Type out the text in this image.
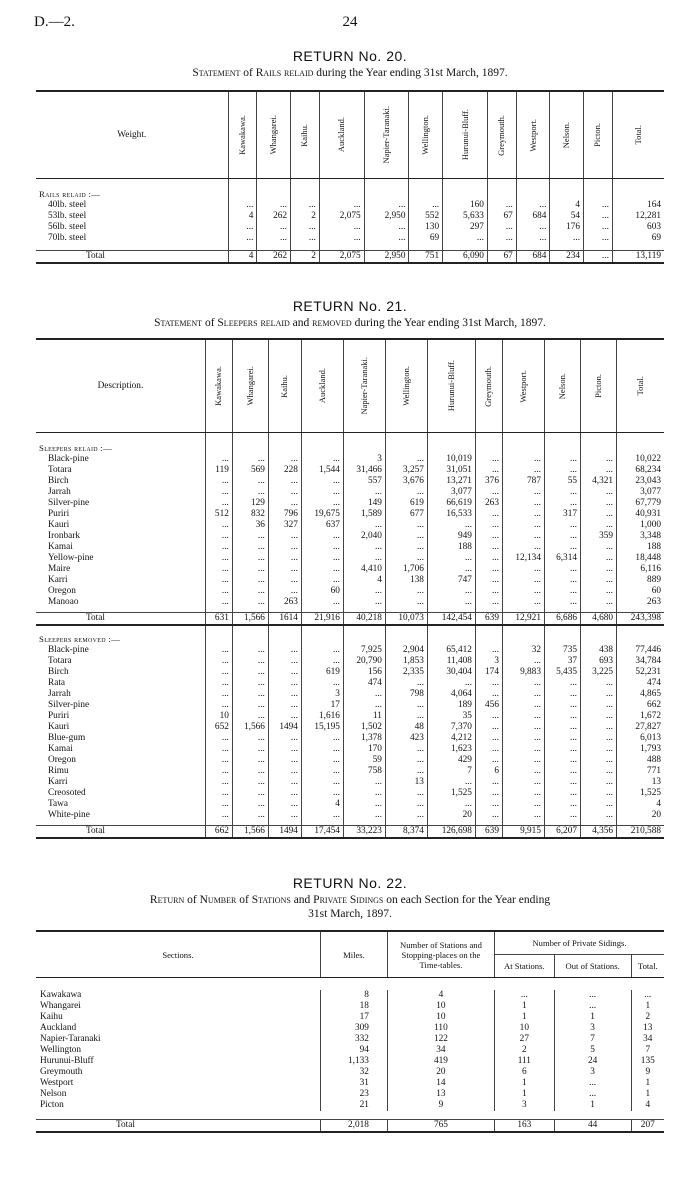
D.—2.	24
RETURN No. 20.
Statement of Rails relaid during the Year ending 31st March, 1897.
Weight.		Kawakawa.	Whangarei.	Kaihu.	Auckland.	Napier-Taranaki.	Wellington.	Hurunui-Bluff.	Greymouth.	Westport.	Nelson.	Picton.	Total.

Rails relaid :—													
40lb. steel		...	...	...	...	...	...	160	...	...	4	...	164
53lb. steel		4	262	2	2,075	2,950	552	5,633	67	684	54	...	12,281
56lb. steel		...	...	...	...	...	130	297	...	...	176	...	603
70lb. steel		...	...	...	...	...	69	...	...	...	...	...	69

Total		4	262	2	2,075	2,950	751	6,090	67	684	234	...	13,119
RETURN No. 21.
Statement of Sleepers relaid and removed during the Year ending 31st March, 1897.
Description.		Kawakawa.	Whangarei.	Kaihu.	Auckland.	Napier-Taranaki.	Wellington.	Hurunui-Bluff.	Greymouth.	Westport.	Nelson.	Picton.	Total.

Sleepers relaid :—													
Black-pine		...	...	...	...	3	...	10,019	...	...	...	...	10,022
Totara		119	569	228	1,544	31,466	3,257	31,051	...	...	...	...	68,234
Birch		...	...	...	...	557	3,676	13,271	376	787	55	4,321	23,043
Jarrah		...	...	...	...	...	...	3,077	...	...	...	...	3,077
Silver-pine		...	129	...	...	149	619	66,619	263	...	...	...	67,779
Puriri		512	832	796	19,675	1,589	677	16,533	...	...	317	...	40,931
Kauri		...	36	327	637	...	...	...	...	...	...	...	1,000
Ironbark		...	...	...	...	2,040	...	949	...	...	...	359	3,348
Kamai		...	...	...	...	...	...	188	...	...	...	...	188
Yellow-pine		...	...	...	...	...	...	...	...	12,134	6,314	...	18,448
Maire		...	...	...	...	4,410	1,706	...	...	...	...	...	6,116
Karri		...	...	...	...	4	138	747	...	...	...	...	889
Oregon		...	...	...	60	...	...	...	...	...	...	...	60
Manoao		...	...	263	...	...	...	...	...	...	...	...	263

Total		631	1,566	1614	21,916	40,218	10,073	142,454	639	12,921	6,686	4,680	243,398

Sleepers removed :—													
Black-pine		...	...	...	...	7,925	2,904	65,412	...	32	735	438	77,446
Totara		...	...	...	...	20,790	1,853	11,408	3	...	37	693	34,784
Birch		...	...	...	619	156	2,335	30,404	174	9,883	5,435	3,225	52,231
Rata		...	...	...	...	474	...	...	...	...	...	...	474
Jarrah		...	...	...	3	...	798	4,064	...	...	...	...	4,865
Silver-pine		...	...	...	17	...	...	189	456	...	...	...	662
Puriri		10	...	...	1,616	11	...	35	...	...	...	...	1,672
Kauri		652	1,566	1494	15,195	1,502	48	7,370	...	...	...	...	27,827
Blue-gum		...	...	...	...	1,378	423	4,212	...	...	...	...	6,013
Kamai		...	...	...	...	170	...	1,623	...	...	...	...	1,793
Oregon		...	...	...	...	59	...	429	...	...	...	...	488
Rimu		...	...	...	...	758	...	7	6	...	...	...	771
Karri		...	...	...	...	...	13	...	...	...	...	...	13
Creosoted		...	...	...	...	...	...	1,525	...	...	...	...	1,525
Tawa		...	...	...	4	...	...	...	...	...	...	...	4
White-pine		...	...	...	...	...	...	20	...	...	...	...	20

Total		662	1,566	1494	17,454	33,223	8,374	126,698	639	9,915	6,207	4,356	210,588
RETURN No. 22.
Return of Number of Stations and Private Sidings on each Section for the Year ending
31st March, 1897.
Sections.		Miles.	Number of Stations and Stopping-places on the Time-tables.	Number of Private Sidings.		
				At Stations.	Out of Stations.	Total.

Kawakawa		8	4	...	...	...
Whangarei		18	10	1	...	1
Kaihu		17	10	1	1	2
Auckland		309	110	10	3	13
Napier-Taranaki		332	122	27	7	34
Wellington		94	34	2	5	7
Hurunui-Bluff		1,133	419	111	24	135
Greymouth		32	20	6	3	9
Westport		31	14	1	...	1
Nelson		23	13	1	...	1
Picton		21	9	3	1	4

Total		2,018	765	163	44	207
